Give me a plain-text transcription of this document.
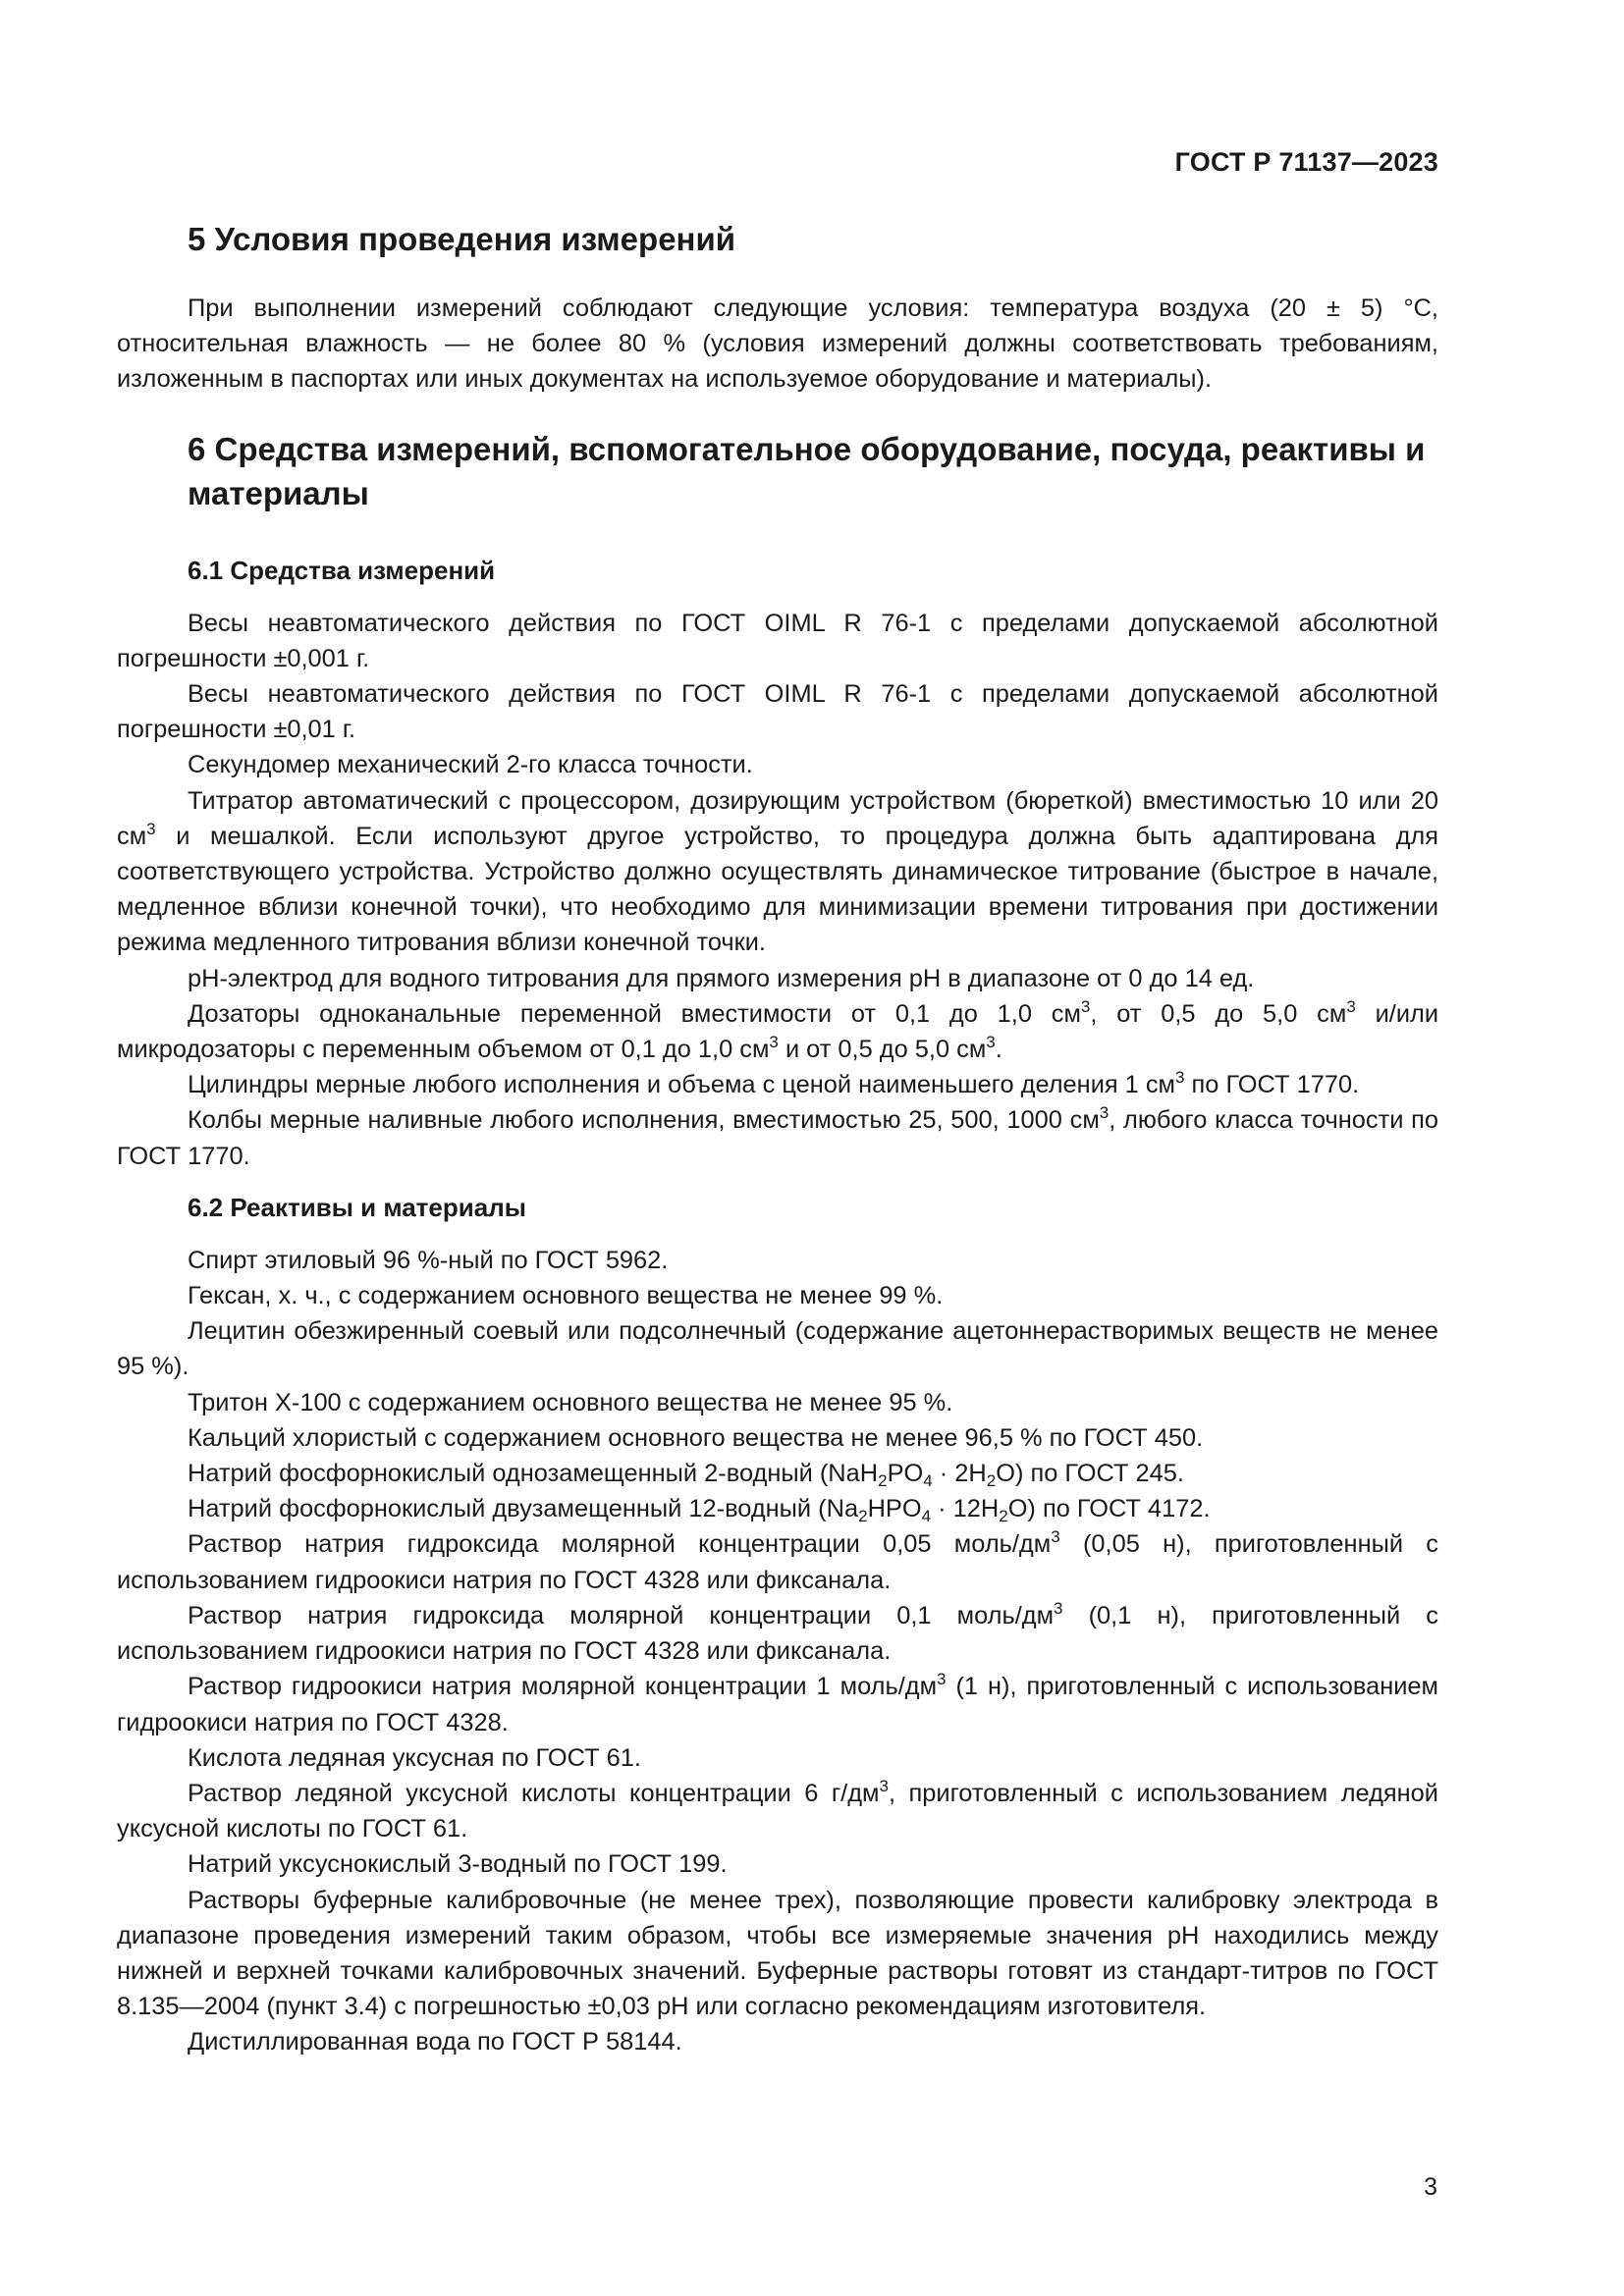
ГОСТ Р 71137—2023
5 Условия проведения измерений

При выполнении измерений соблюдают следующие условия: температура воздуха (20 ± 5) °С, относительная влажность — не более 80 % (условия измерений должны соответствовать требованиям, изложенным в паспортах или иных документах на используемое оборудование и материалы).

6 Средства измерений, вспомогательное оборудование, посуда, реактивы и материалы
6.1 Средства измерений

Весы неавтоматического действия по ГОСТ OIML R 76-1 с пределами допускаемой абсолютной погрешности ±0,001 г.

Весы неавтоматического действия по ГОСТ OIML R 76-1 с пределами допускаемой абсолютной погрешности ±0,01 г.

Секундомер механический 2-го класса точности.

Титратор автоматический с процессором, дозирующим устройством (бюреткой) вместимостью 10 или 20 $см^3$ и мешалкой. Если используют другое устройство, то процедура должна быть адаптирована для соответствующего устройства. Устройство должно осуществлять динамическое титрование (быстрое в начале, медленное вблизи конечной точки), что необходимо для минимизации времени титрования при достижении режима медленного титрования вблизи конечной точки.

pH-электрод для водного титрования для прямого измерения pH в диапазоне от 0 до 14 ед.

Дозаторы одноканальные переменной вместимости от 0,1 до 1,0 $см^3$, от 0,5 до 5,0 $см^3$ и/или микродозаторы с переменным объемом от 0,1 до 1,0 $см^3$ и от 0,5 до 5,0 $см^3$.

Цилиндры мерные любого исполнения и объема с ценой наименьшего деления 1 $см^3$ по ГОСТ 1770.

Колбы мерные наливные любого исполнения, вместимостью 25, 500, 1000 $см^3$, любого класса точности по ГОСТ 1770.

6.2 Реактивы и материалы

Спирт этиловый 96 %-ный по ГОСТ 5962.

Гексан, х. ч., с содержанием основного вещества не менее 99 %.

Лецитин обезжиренный соевый или подсолнечный (содержание ацетоннерастворимых веществ не менее 95 %).

Тритон Х-100 с содержанием основного вещества не менее 95 %.

Кальций хлористый с содержанием основного вещества не менее 96,5 % по ГОСТ 450.

Натрий фосфорнокислый однозамещенный 2-водный $(NaH_2PO_4 \cdot 2H_2O)$ по ГОСТ 245.

Натрий фосфорнокислый двузамещенный 12-водный $(Na_2HPO_4 \cdot 12H_2O)$ по ГОСТ 4172.

Раствор натрия гидроксида молярной концентрации 0,05 моль/$дм^3$ (0,05 н), приготовленный с использованием гидроокиси натрия по ГОСТ 4328 или фиксанала.

Раствор натрия гидроксида молярной концентрации 0,1 моль/$дм^3$ (0,1 н), приготовленный с использованием гидроокиси натрия по ГОСТ 4328 или фиксанала.

Раствор гидроокиси натрия молярной концентрации 1 моль/$дм^3$ (1 н), приготовленный с использованием гидроокиси натрия по ГОСТ 4328.

Кислота ледяная уксусная по ГОСТ 61.

Раствор ледяной уксусной кислоты концентрации 6 $г/дм^3$, приготовленный с использованием ледяной уксусной кислоты по ГОСТ 61.

Натрий уксуснокислый 3-водный по ГОСТ 199.

Растворы буферные калибровочные (не менее трех), позволяющие провести калибровку электрода в диапазоне проведения измерений таким образом, чтобы все измеряемые значения pH находились между нижней и верхней точками калибровочных значений. Буферные растворы готовят из стандарт-титров по ГОСТ 8.135—2004 (пункт 3.4) с погрешностью ±0,03 pH или согласно рекомендациям изготовителя.

Дистиллированная вода по ГОСТ Р 58144.

3
